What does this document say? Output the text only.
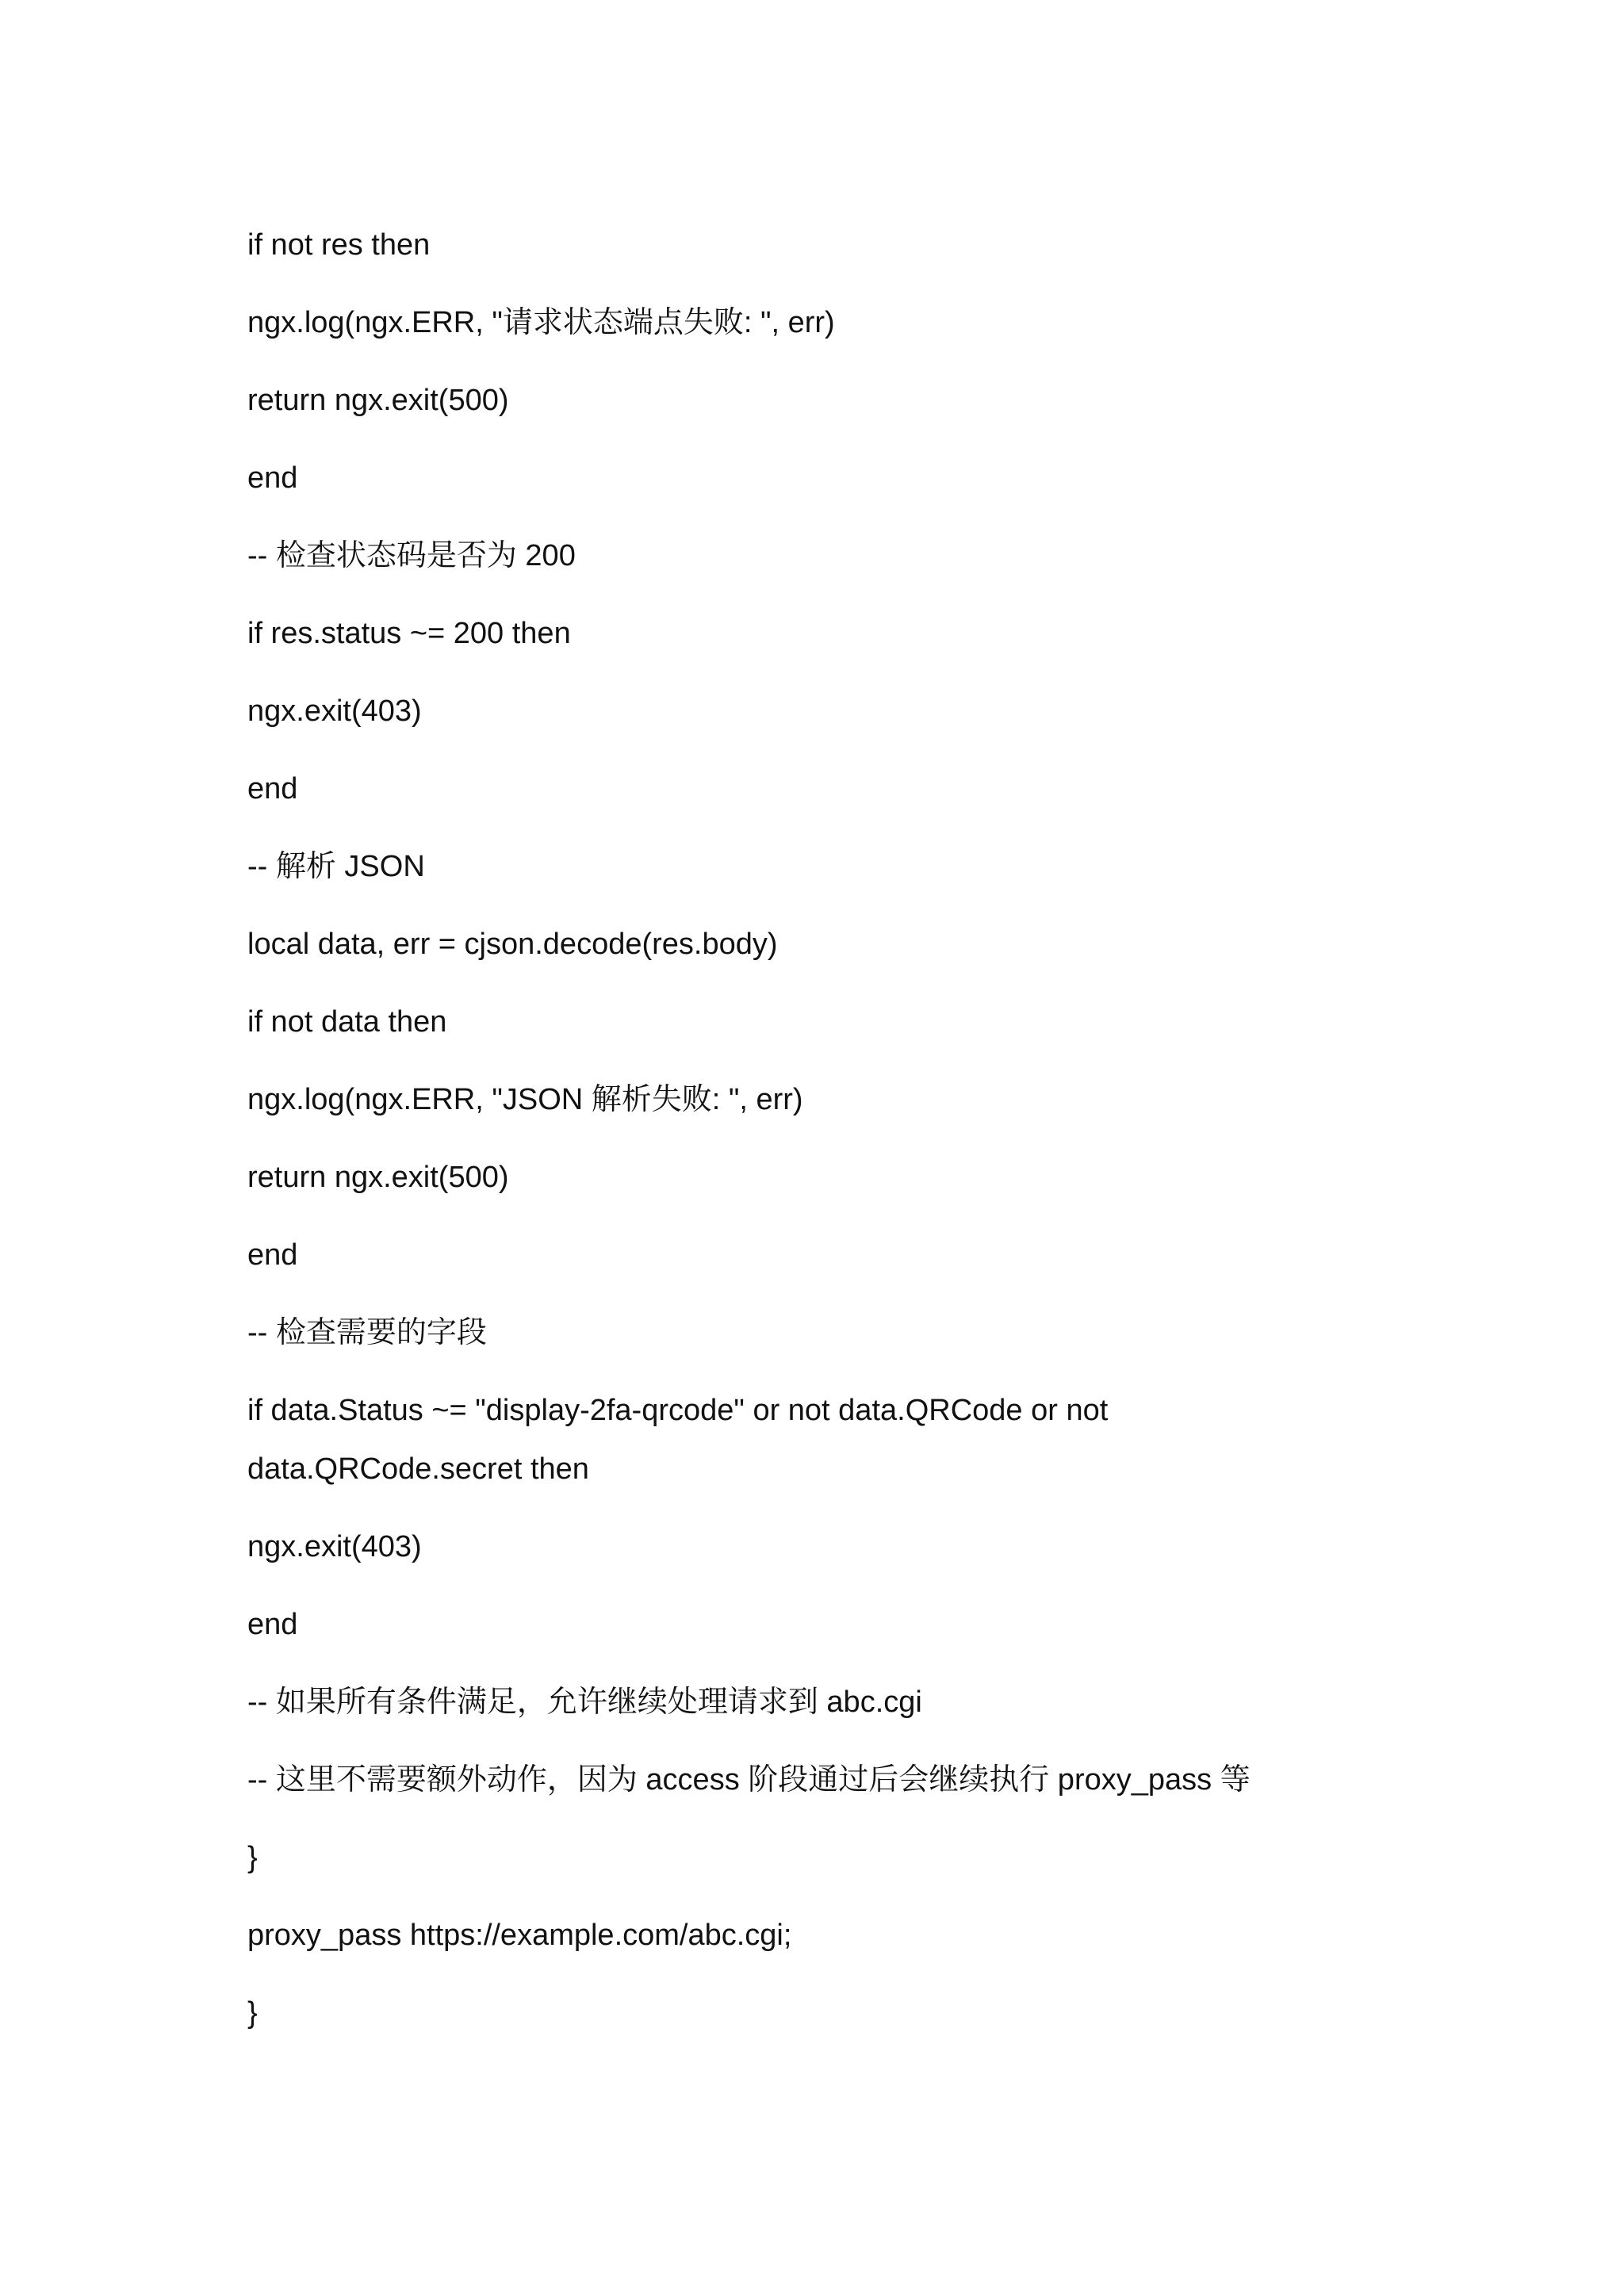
if not res then

ngx.log(ngx.ERR, "请求状态端点失败: ", err)

return ngx.exit(500)

end

-- 检查状态码是否为 200

if res.status ~= 200 then

ngx.exit(403)

end

-- 解析 JSON

local data, err = cjson.decode(res.body)

if not data then

ngx.log(ngx.ERR, "JSON 解析失败: ", err)

return ngx.exit(500)

end

-- 检查需要的字段

if data.Status ~= "display-2fa-qrcode" or not data.QRCode or not data.QRCode.secret then

ngx.exit(403)

end

-- 如果所有条件满足，允许继续处理请求到 abc.cgi

-- 这里不需要额外动作，因为 access 阶段通过后会继续执行 proxy_pass 等

}

proxy_pass https://example.com/abc.cgi;

}
